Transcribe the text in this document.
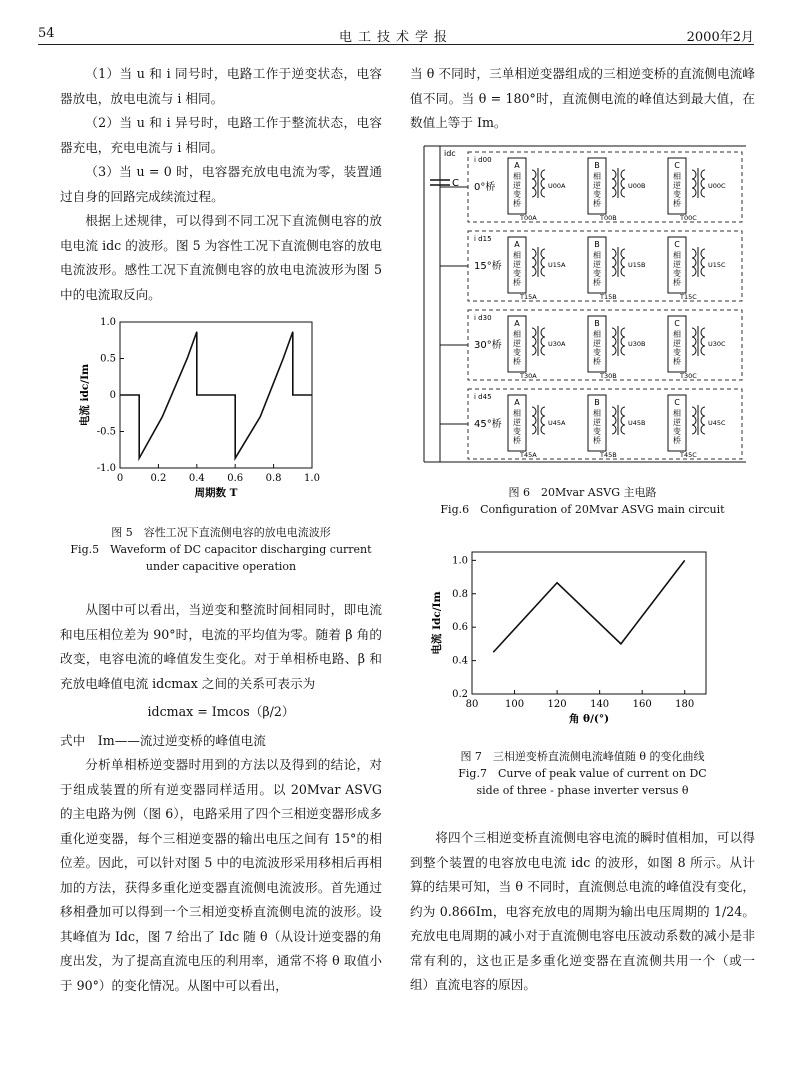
54	电工技术学报	2000年2月

（1）当 u 和 i 同号时，电路工作于逆变状态，电容器放电，放电电流与 i 相同。

（2）当 u 和 i 异号时，电路工作于整流状态，电容器充电，充电电流与 i 相同。

（3）当 u = 0 时，电容器充放电电流为零，装置通过自身的回路完成续流过程。

根据上述规律，可以得到不同工况下直流侧电容的放电电流 idc 的波形。图 5 为容性工况下直流侧电容的放电电流波形。感性工况下直流侧电容的放电电流波形为图 5 中的电流取反向。

0	0.2 0.4 0.6 0.8 1.0
1.0
0.5
0
-0.5
-1.0
周期数 T
电流 idc/Im
图 5　容性工况下直流侧电容的放电电流波形
Fig.5　Waveform of DC capacitor discharging current
under capacitive operation

从图中可以看出，当逆变和整流时间相同时，即电流和电压相位差为 90°时，电流的平均值为零。随着 β 角的改变，电容电流的峰值发生变化。对于单相桥电路、β 和充放电峰值电流 idcmax 之间的关系可表示为

idcmax = Imcos（β/2）

式中　Im——流过逆变桥的峰值电流

分析单相桥逆变器时用到的方法以及得到的结论，对于组成装置的所有逆变器同样适用。以 20Mvar ASVG 的主电路为例（图 6），电路采用了四个三相逆变器形成多重化逆变器，每个三相逆变器的输出电压之间有 15°的相位差。因此，可以针对图 5 中的电流波形采用移相后再相加的方法，获得多重化逆变器直流侧电流波形。首先通过移相叠加可以得到一个三相逆变桥直流侧电流的波形。设其峰值为 Idc，图 7 给出了 Idc 随 θ（从设计逆变器的角度出发，为了提高直流电压的利用率，通常不将 θ 取值小于 90°）的变化情况。从图中可以看出，

当 θ 不同时，三单相逆变器组成的三相逆变桥的直流侧电流峰值不同。当 θ = 180°时，直流侧电流的峰值达到最大值，在数值上等于 Im。

idc
C
i d00
0°桥
A
相
逆
变
桥
U00A
T00A
B
相
逆
变
桥
U00B
T00B
C
相
逆
变
桥
U00C
T00C
i d15
15°桥
A
相
逆
变
桥
U15A
T15A
B
相
逆
变
桥
U15B
T15B
C
相
逆
变
桥
U15C
T15C
i d30
30°桥
A
相
逆
变
桥
U30A
T30A
B
相
逆
变
桥
U30B
T30B
C
相
逆
变
桥
U30C
T30C
i d45
45°桥
A
相
逆
变
桥
U45A
T45A
B
相
逆
变
桥
U45B
T45B
C
相
逆
变
桥
U45C
T45C
图 6　20Mvar ASVG 主电路
Fig.6　Configuration of 20Mvar ASVG main circuit
80	100 120 140 160 180
1.0
0.8
0.6
0.4
0.2
角 θ/(°)
电流 Idc/Im
图 7　三相逆变桥直流侧电流峰值随 θ 的变化曲线
Fig.7　Curve of peak value of current on DC
side of three - phase inverter versus θ

将四个三相逆变桥直流侧电容电流的瞬时值相加，可以得到整个装置的电容放电电流 idc 的波形，如图 8 所示。从计算的结果可知，当 θ 不同时，直流侧总电流的峰值没有变化，约为 0.866Im，电容充放电的周期为输出电压周期的 1/24。充放电电周期的减小对于直流侧电容电压波动系数的减小是非常有利的，这也正是多重化逆变器在直流侧共用一个（或一组）直流电容的原因。
